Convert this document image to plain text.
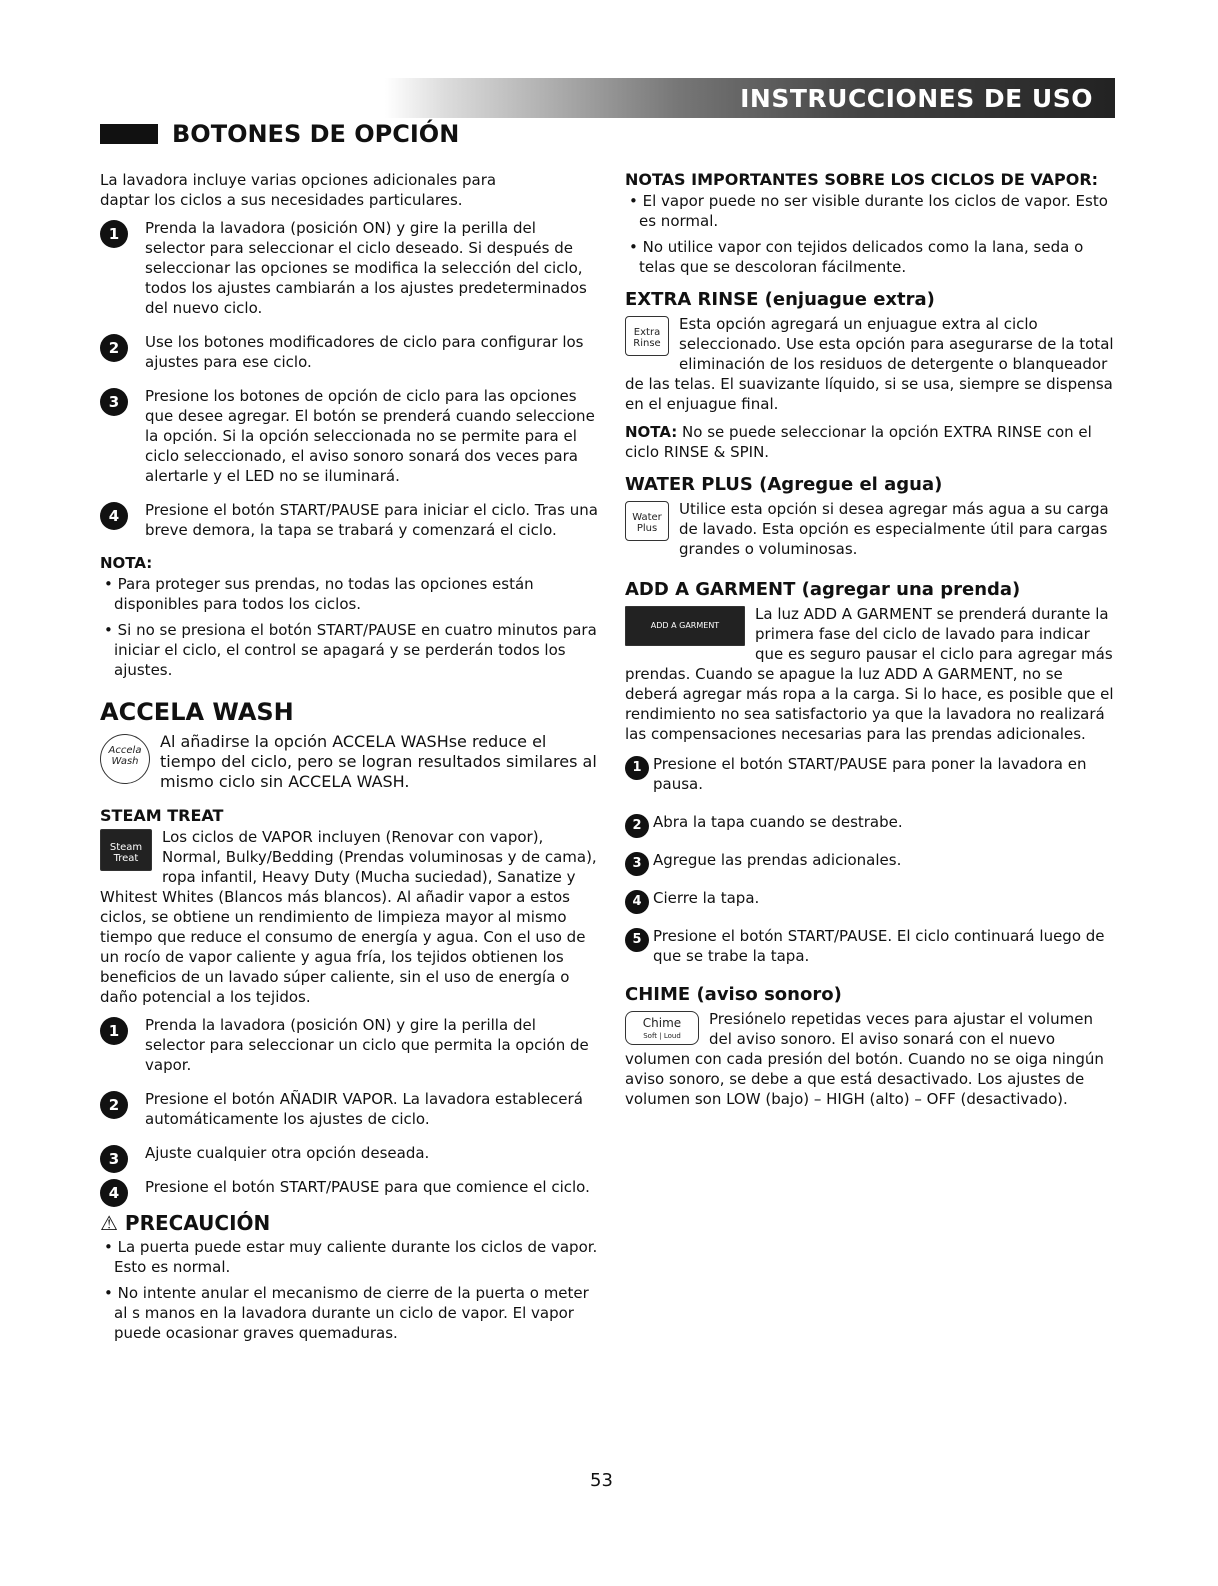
INSTRUCCIONES DE USO
BOTONES DE OPCIÓN

La lavadora incluye varias opciones adicionales para daptar los ciclos a sus necesidades particulares.

1	Prenda la lavadora (posición ON) y gire la perilla del selector para seleccionar el ciclo deseado. Si después de seleccionar las opciones se modifica la selección del ciclo, todos los ajustes cambiarán a los ajustes predeterminados del nuevo ciclo.
2	Use los botones modificadores de ciclo para configurar los ajustes para ese ciclo.
3	Presione los botones de opción de ciclo para las opciones que desee agregar. El botón se prenderá cuando seleccione la opción. Si la opción seleccionada no se permite para el ciclo seleccionado, el aviso sonoro sonará dos veces para alertarle y el LED no se iluminará.
4	Presione el botón START/PAUSE para iniciar el ciclo. Tras una breve demora, la tapa se trabará y comenzará el ciclo.
NOTA:

• Para proteger sus prendas, no todas las opciones están disponibles para todos los ciclos.

• Si no se presiona el botón START/PAUSE en cuatro minutos para iniciar el ciclo, el control se apagará y se perderán todos los ajustes.

ACCELA WASH
Accela Wash

Al añadirse la opción ACCELA WASHse reduce el tiempo del ciclo, pero se logran resultados similares al mismo ciclo sin ACCELA WASH.

STEAM TREAT
Steam Treat

Los ciclos de VAPOR incluyen (Renovar con vapor), Normal, Bulky/Bedding (Prendas voluminosas y de cama), ropa infantil, Heavy Duty (Mucha suciedad), Sanatize y Whitest Whites (Blancos más blancos). Al añadir vapor a estos ciclos, se obtiene un rendimiento de limpieza mayor al mismo tiempo que reduce el consumo de energía y agua. Con el uso de un rocío de vapor caliente y agua fría, los tejidos obtienen los beneficios de un lavado súper caliente, sin el uso de energía o daño potencial a los tejidos.

1	Prenda la lavadora (posición ON) y gire la perilla del selector para seleccionar un ciclo que permita la opción de vapor.
2	Presione el botón AÑADIR VAPOR. La lavadora establecerá automáticamente los ajustes de ciclo.
3	Ajuste cualquier otra opción deseada.
4	Presione el botón START/PAUSE para que comience el ciclo.
⚠ PRECAUCIÓN

• La puerta puede estar muy caliente durante los ciclos de vapor. Esto es normal.

• No intente anular el mecanismo de cierre de la puerta o meter al s manos en la lavadora durante un ciclo de vapor. El vapor puede ocasionar graves quemaduras.

NOTAS IMPORTANTES SOBRE LOS CICLOS DE VAPOR:

• El vapor puede no ser visible durante los ciclos de vapor. Esto es normal.

• No utilice vapor con tejidos delicados como la lana, seda o telas que se descoloran fácilmente.

EXTRA RINSE (enjuague extra)
Extra Rinse

Esta opción agregará un enjuague extra al ciclo seleccionado. Use esta opción para asegurarse de la total eliminación de los residuos de detergente o blanqueador de las telas. El suavizante líquido, si se usa, siempre se dispensa en el enjuague final.

NOTA: No se puede seleccionar la opción EXTRA RINSE con el ciclo RINSE & SPIN.

WATER PLUS (Agregue el agua)
Water Plus

Utilice esta opción si desea agregar más agua a su carga de lavado. Esta opción es especialmente útil para cargas grandes o voluminosas.

ADD A GARMENT (agregar una prenda)
ADD A GARMENT

La luz ADD A GARMENT se prenderá durante la primera fase del ciclo de lavado para indicar que es seguro pausar el ciclo para agregar más prendas. Cuando se apague la luz ADD A GARMENT, no se deberá agregar más ropa a la carga. Si lo hace, es posible que el rendimiento no sea satisfactorio ya que la lavadora no realizará las compensaciones necesarias para las prendas adicionales.

1 Presione el botón START/PAUSE para poner la lavadora en pausa.
2 Abra la tapa cuando se destrabe.
3 Agregue las prendas adicionales.
4 Cierre la tapa.
5 Presione el botón START/PAUSE. El ciclo continuará luego de que se trabe la tapa.
CHIME (aviso sonoro)
Chime
Soft | Loud

Presiónelo repetidas veces para ajustar el volumen del aviso sonoro. El aviso sonará con el nuevo volumen con cada presión del botón. Cuando no se oiga ningún aviso sonoro, se debe a que está desactivado. Los ajustes de volumen son LOW (bajo) – HIGH (alto) – OFF (desactivado).

53
